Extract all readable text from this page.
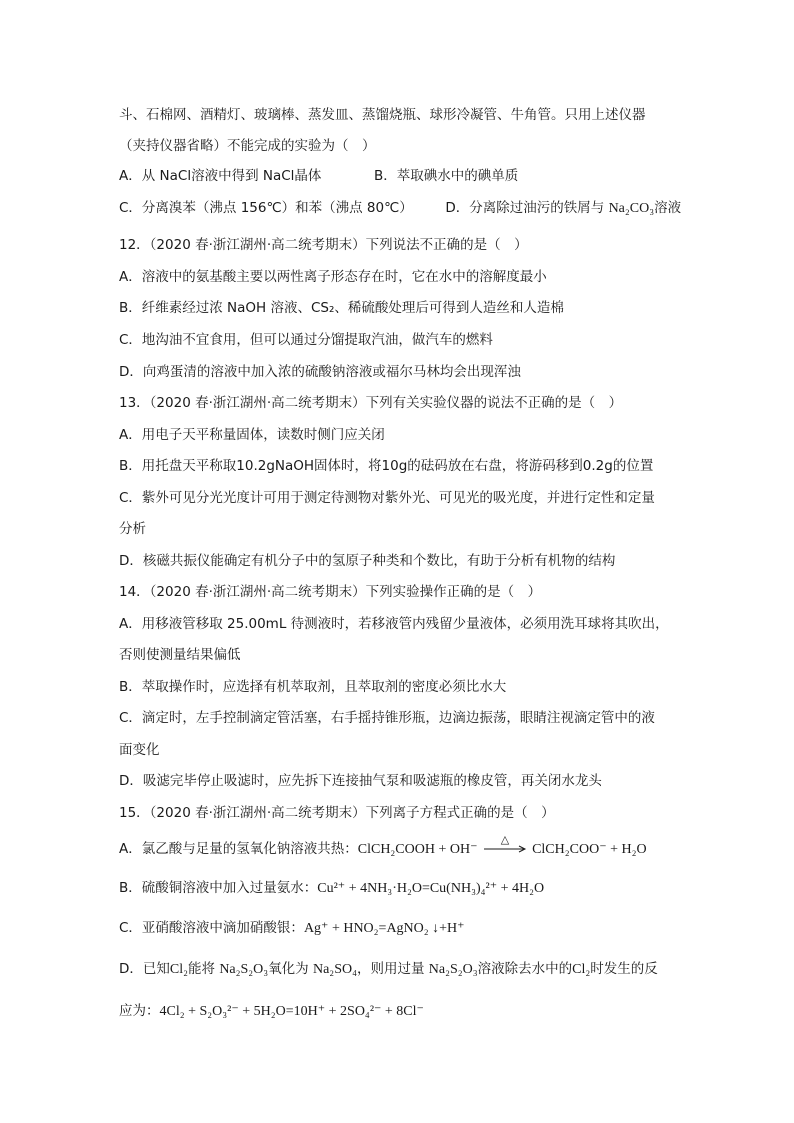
斗、石棉网、酒精灯、玻璃棒、蒸发皿、蒸馏烧瓶、球形冷凝管、牛角管。只用上述仪器
（夹持仪器省略）不能完成的实验为（　）
A．从 NaCl溶液中得到 NaCl晶体	B．萃取碘水中的碘单质
C．分离溴苯（沸点 156℃）和苯（沸点 80℃） D．分离除过油污的铁屑与 Na₂CO₃溶液
12．（2020 春·浙江湖州·高二统考期末）下列说法不正确的是（　）
A．溶液中的氨基酸主要以两性离子形态存在时，它在水中的溶解度最小
B．纤维素经过浓 NaOH 溶液、CS₂、稀硫酸处理后可得到人造丝和人造棉
C．地沟油不宜食用，但可以通过分馏提取汽油，做汽车的燃料
D．向鸡蛋清的溶液中加入浓的硫酸钠溶液或福尔马林均会出现浑浊
13．（2020 春·浙江湖州·高二统考期末）下列有关实验仪器的说法不正确的是（　）
A．用电子天平称量固体，读数时侧门应关闭
B．用托盘天平称取10.2gNaOH固体时，将10g的砝码放在右盘，将游码移到0.2g的位置
C．紫外可见分光光度计可用于测定待测物对紫外光、可见光的吸光度，并进行定性和定量
分析
D．核磁共振仪能确定有机分子中的氢原子种类和个数比，有助于分析有机物的结构
14．（2020 春·浙江湖州·高二统考期末）下列实验操作正确的是（　）
A．用移液管移取 25.00mL 待测液时，若移液管内残留少量液体，必须用洗耳球将其吹出，
否则使测量结果偏低
B．萃取操作时，应选择有机萃取剂，且萃取剂的密度必须比水大
C．滴定时，左手控制滴定管活塞，右手摇持锥形瓶，边滴边振荡，眼睛注视滴定管中的液
面变化
D．吸滤完毕停止吸滤时，应先拆下连接抽气泵和吸滤瓶的橡皮管，再关闭水龙头
15．（2020 春·浙江湖州·高二统考期末）下列离子方程式正确的是（　）
A．氯乙酸与足量的氢氧化钠溶液共热：ClCH₂COOH + OH⁻

△

ClCH₂COO⁻ + H₂O
B．硫酸铜溶液中加入过量氨水：Cu²⁺ + 4NH₃·H₂O=Cu(NH₃)₄²⁺ + 4H₂O
C．亚硝酸溶液中滴加硝酸银：Ag⁺ + HNO₂=AgNO₂ ↓+H⁺
D．已知Cl₂能将 Na₂S₂O₃氧化为 Na₂SO₄，则用过量 Na₂S₂O₃溶液除去水中的Cl₂时发生的反
应为：4Cl₂ + S₂O₃²⁻ + 5H₂O=10H⁺ + 2SO₄²⁻ + 8Cl⁻
